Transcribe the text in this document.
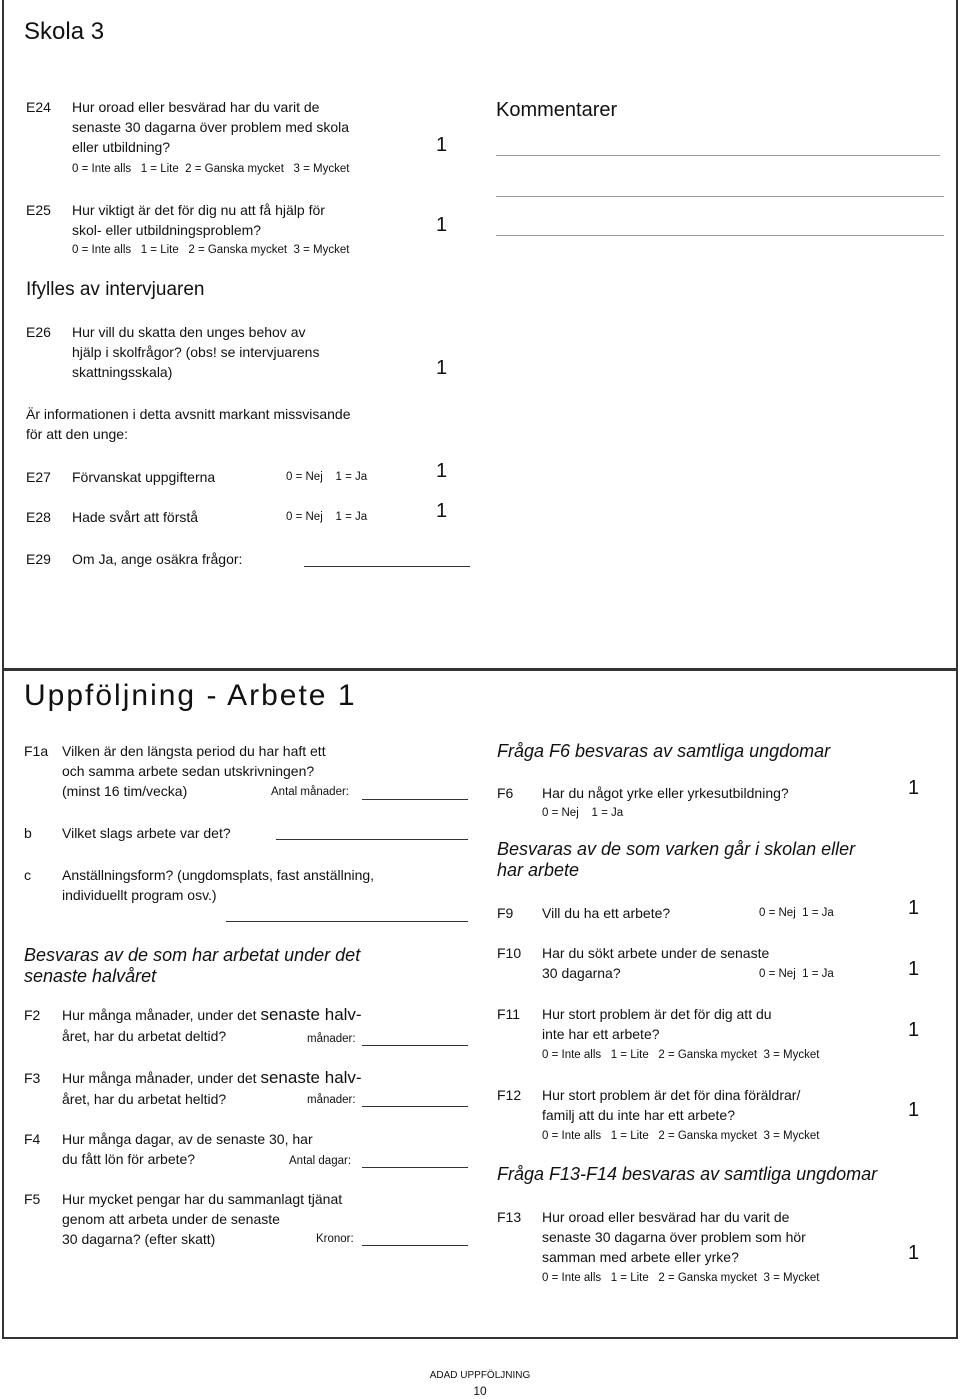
Skola 3
E24 Hur oroad eller besvärad har du varit de
senaste 30 dagarna över problem med skola
eller utbildning?
0 = Inte alls   1 = Lite  2 = Ganska mycket   3 = Mycket
1
E25 Hur viktigt är det för dig nu att få hjälp för
skol- eller utbildningsproblem?
0 = Inte alls   1 = Lite   2 = Ganska mycket  3 = Mycket
1
Kommentarer
Ifylles av intervjuaren
E26 Hur vill du skatta den unges behov av
hjälp i skolfrågor? (obs! se intervjuarens
skattningsskala)	1
Är informationen i detta avsnitt markant missvisande
för att den unge:
E27 Förvanskat uppgifterna	0 = Nej    1 = Ja	1
E28 Hade svårt att förstå	0 = Nej    1 = Ja	1
E29 Om Ja, ange osäkra frågor:
Uppföljning - Arbete 1
F1a Vilken är den längsta period du har haft ett
och samma arbete sedan utskrivningen?
(minst 16 tim/vecka)	Antal månader:
b Vilket slags arbete var det?
c Anställningsform? (ungdomsplats, fast anställning,
individuellt program osv.)
Besvaras av de som har arbetat under det
senaste halvåret
F2 Hur många månader, under det senaste halv-
året, har du arbetat deltid?	månader:
F3 Hur många månader, under det senaste halv-
året, har du arbetat heltid?	månader:
F4 Hur många dagar, av de senaste 30, har
du fått lön för arbete?	Antal dagar:
F5 Hur mycket pengar har du sammanlagt tjänat
genom att arbeta under de senaste
30 dagarna? (efter skatt)	Kronor:
Fråga F6 besvaras av samtliga ungdomar
F6 Har du något yrke eller yrkesutbildning?
0 = Nej    1 = Ja
1
Besvaras av de som varken går i skolan eller
har arbete
F9 Vill du ha ett arbete?	0 = Nej  1 = Ja	1
F10 Har du sökt arbete under de senaste
30 dagarna?	0 = Nej  1 = Ja	1
F11 Hur stort problem är det för dig att du
inte har ett arbete?
0 = Inte alls   1 = Lite   2 = Ganska mycket  3 = Mycket
1
F12 Hur stort problem är det för dina föräldrar/
familj att du inte har ett arbete?
0 = Inte alls   1 = Lite   2 = Ganska mycket  3 = Mycket
1
Fråga F13-F14 besvaras av samtliga ungdomar
F13 Hur oroad eller besvärad har du varit de
senaste 30 dagarna över problem som hör
samman med arbete eller yrke?
0 = Inte alls   1 = Lite   2 = Ganska mycket  3 = Mycket
1
ADAD UPPFÖLJNING
10
